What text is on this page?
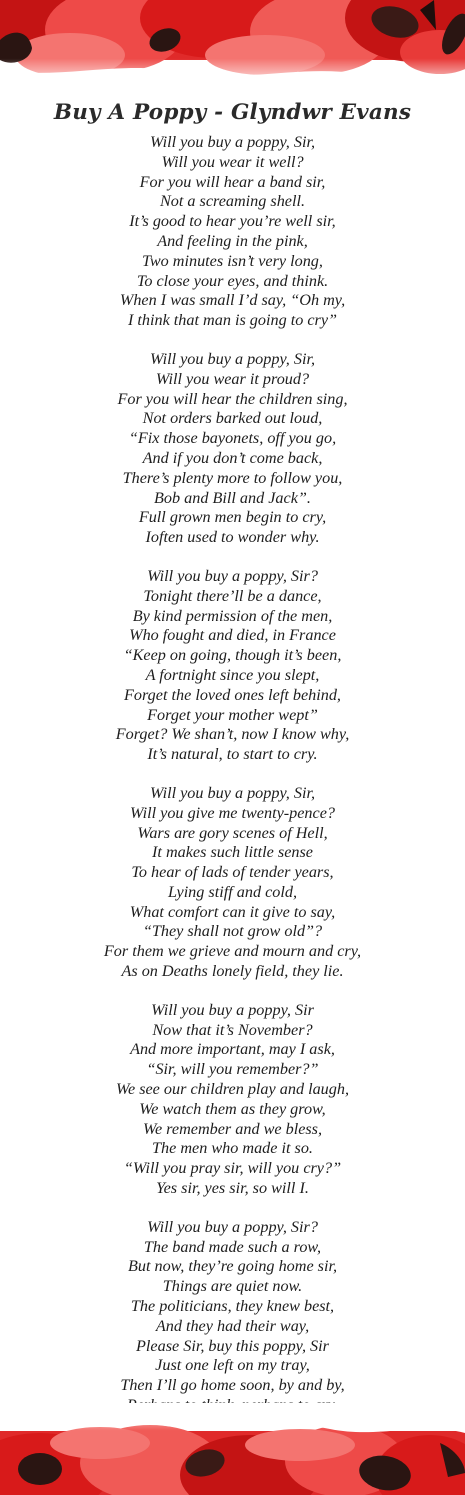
Buy A Poppy - Glyndwr Evans
Will you buy a poppy, Sir,
Will you wear it well?
For you will hear a band sir,
Not a screaming shell.
It’s good to hear you’re well sir,
And feeling in the pink,
Two minutes isn’t very long,
To close your eyes, and think.
When I was small I’d say, “Oh my,
I think that man is going to cry”
Will you buy a poppy, Sir,
Will you wear it proud?
For you will hear the children sing,
Not orders barked out loud,
“Fix those bayonets, off you go,
And if you don’t come back,
There’s plenty more to follow you,
Bob and Bill and Jack”.
Full grown men begin to cry,
Ioften used to wonder why.
Will you buy a poppy, Sir?
Tonight there’ll be a dance,
By kind permission of the men,
Who fought and died, in France
“Keep on going, though it’s been,
A fortnight since you slept,
Forget the loved ones left behind,
Forget your mother wept”
Forget? We shan’t, now I know why,
It’s natural, to start to cry.
Will you buy a poppy, Sir,
Will you give me twenty-pence?
Wars are gory scenes of Hell,
It makes such little sense
To hear of lads of tender years,
Lying stiff and cold,
What comfort can it give to say,
“They shall not grow old”?
For them we grieve and mourn and cry,
As on Deaths lonely field, they lie.
Will you buy a poppy, Sir
Now that it’s November?
And more important, may I ask,
“Sir, will you remember?”
We see our children play and laugh,
We watch them as they grow,
We remember and we bless,
The men who made it so.
“Will you pray sir, will you cry?”
Yes sir, yes sir, so will I.
Will you buy a poppy, Sir?
The band made such a row,
But now, they’re going home sir,
Things are quiet now.
The politicians, they knew best,
And they had their way,
Please Sir, buy this poppy, Sir
Just one left on my tray,
Then I’ll go home soon, by and by,
